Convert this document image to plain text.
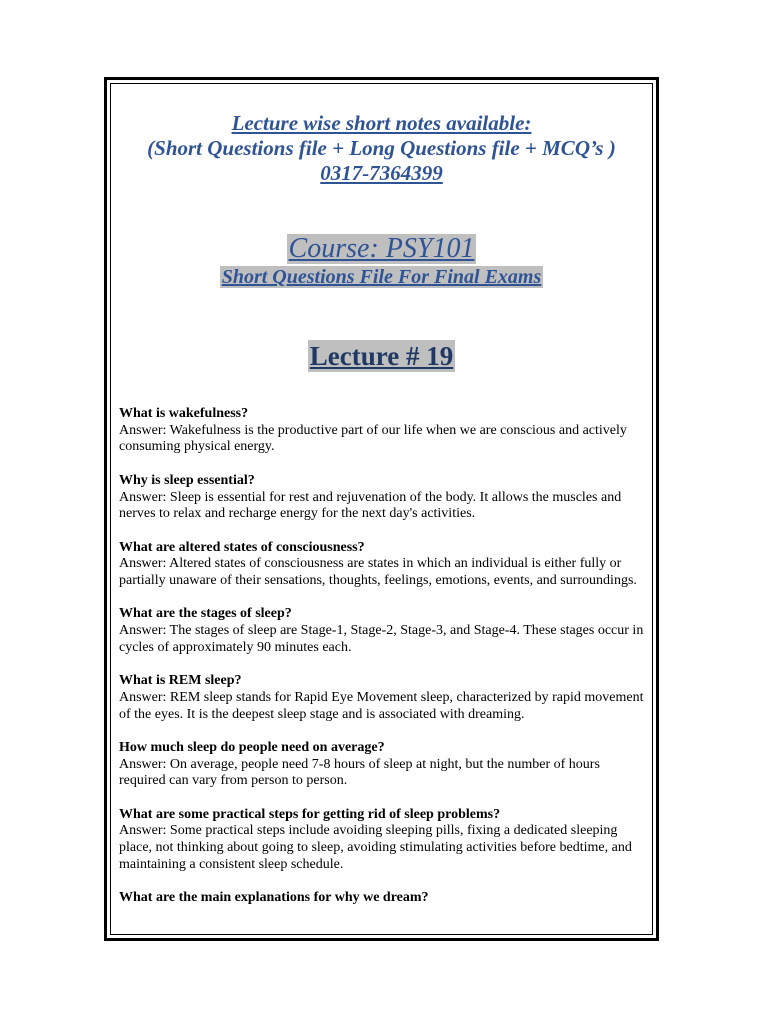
Lecture wise short notes available:
(Short Questions file + Long Questions file + MCQ’s )
0317-7364399
Course: PSY101
Short Questions File For Final Exams
Lecture # 19
What is wakefulness?
Answer: Wakefulness is the productive part of our life when we are conscious and actively consuming physical energy.
Why is sleep essential?
Answer: Sleep is essential for rest and rejuvenation of the body. It allows the muscles and nerves to relax and recharge energy for the next day's activities.
What are altered states of consciousness?
Answer: Altered states of consciousness are states in which an individual is either fully or partially unaware of their sensations, thoughts, feelings, emotions, events, and surroundings.
What are the stages of sleep?
Answer: The stages of sleep are Stage-1, Stage-2, Stage-3, and Stage-4. These stages occur in cycles of approximately 90 minutes each.
What is REM sleep?
Answer: REM sleep stands for Rapid Eye Movement sleep, characterized by rapid movement of the eyes. It is the deepest sleep stage and is associated with dreaming.
How much sleep do people need on average?
Answer: On average, people need 7-8 hours of sleep at night, but the number of hours required can vary from person to person.
What are some practical steps for getting rid of sleep problems?
Answer: Some practical steps include avoiding sleeping pills, fixing a dedicated sleeping place, not thinking about going to sleep, avoiding stimulating activities before bedtime, and maintaining a consistent sleep schedule.
What are the main explanations for why we dream?
